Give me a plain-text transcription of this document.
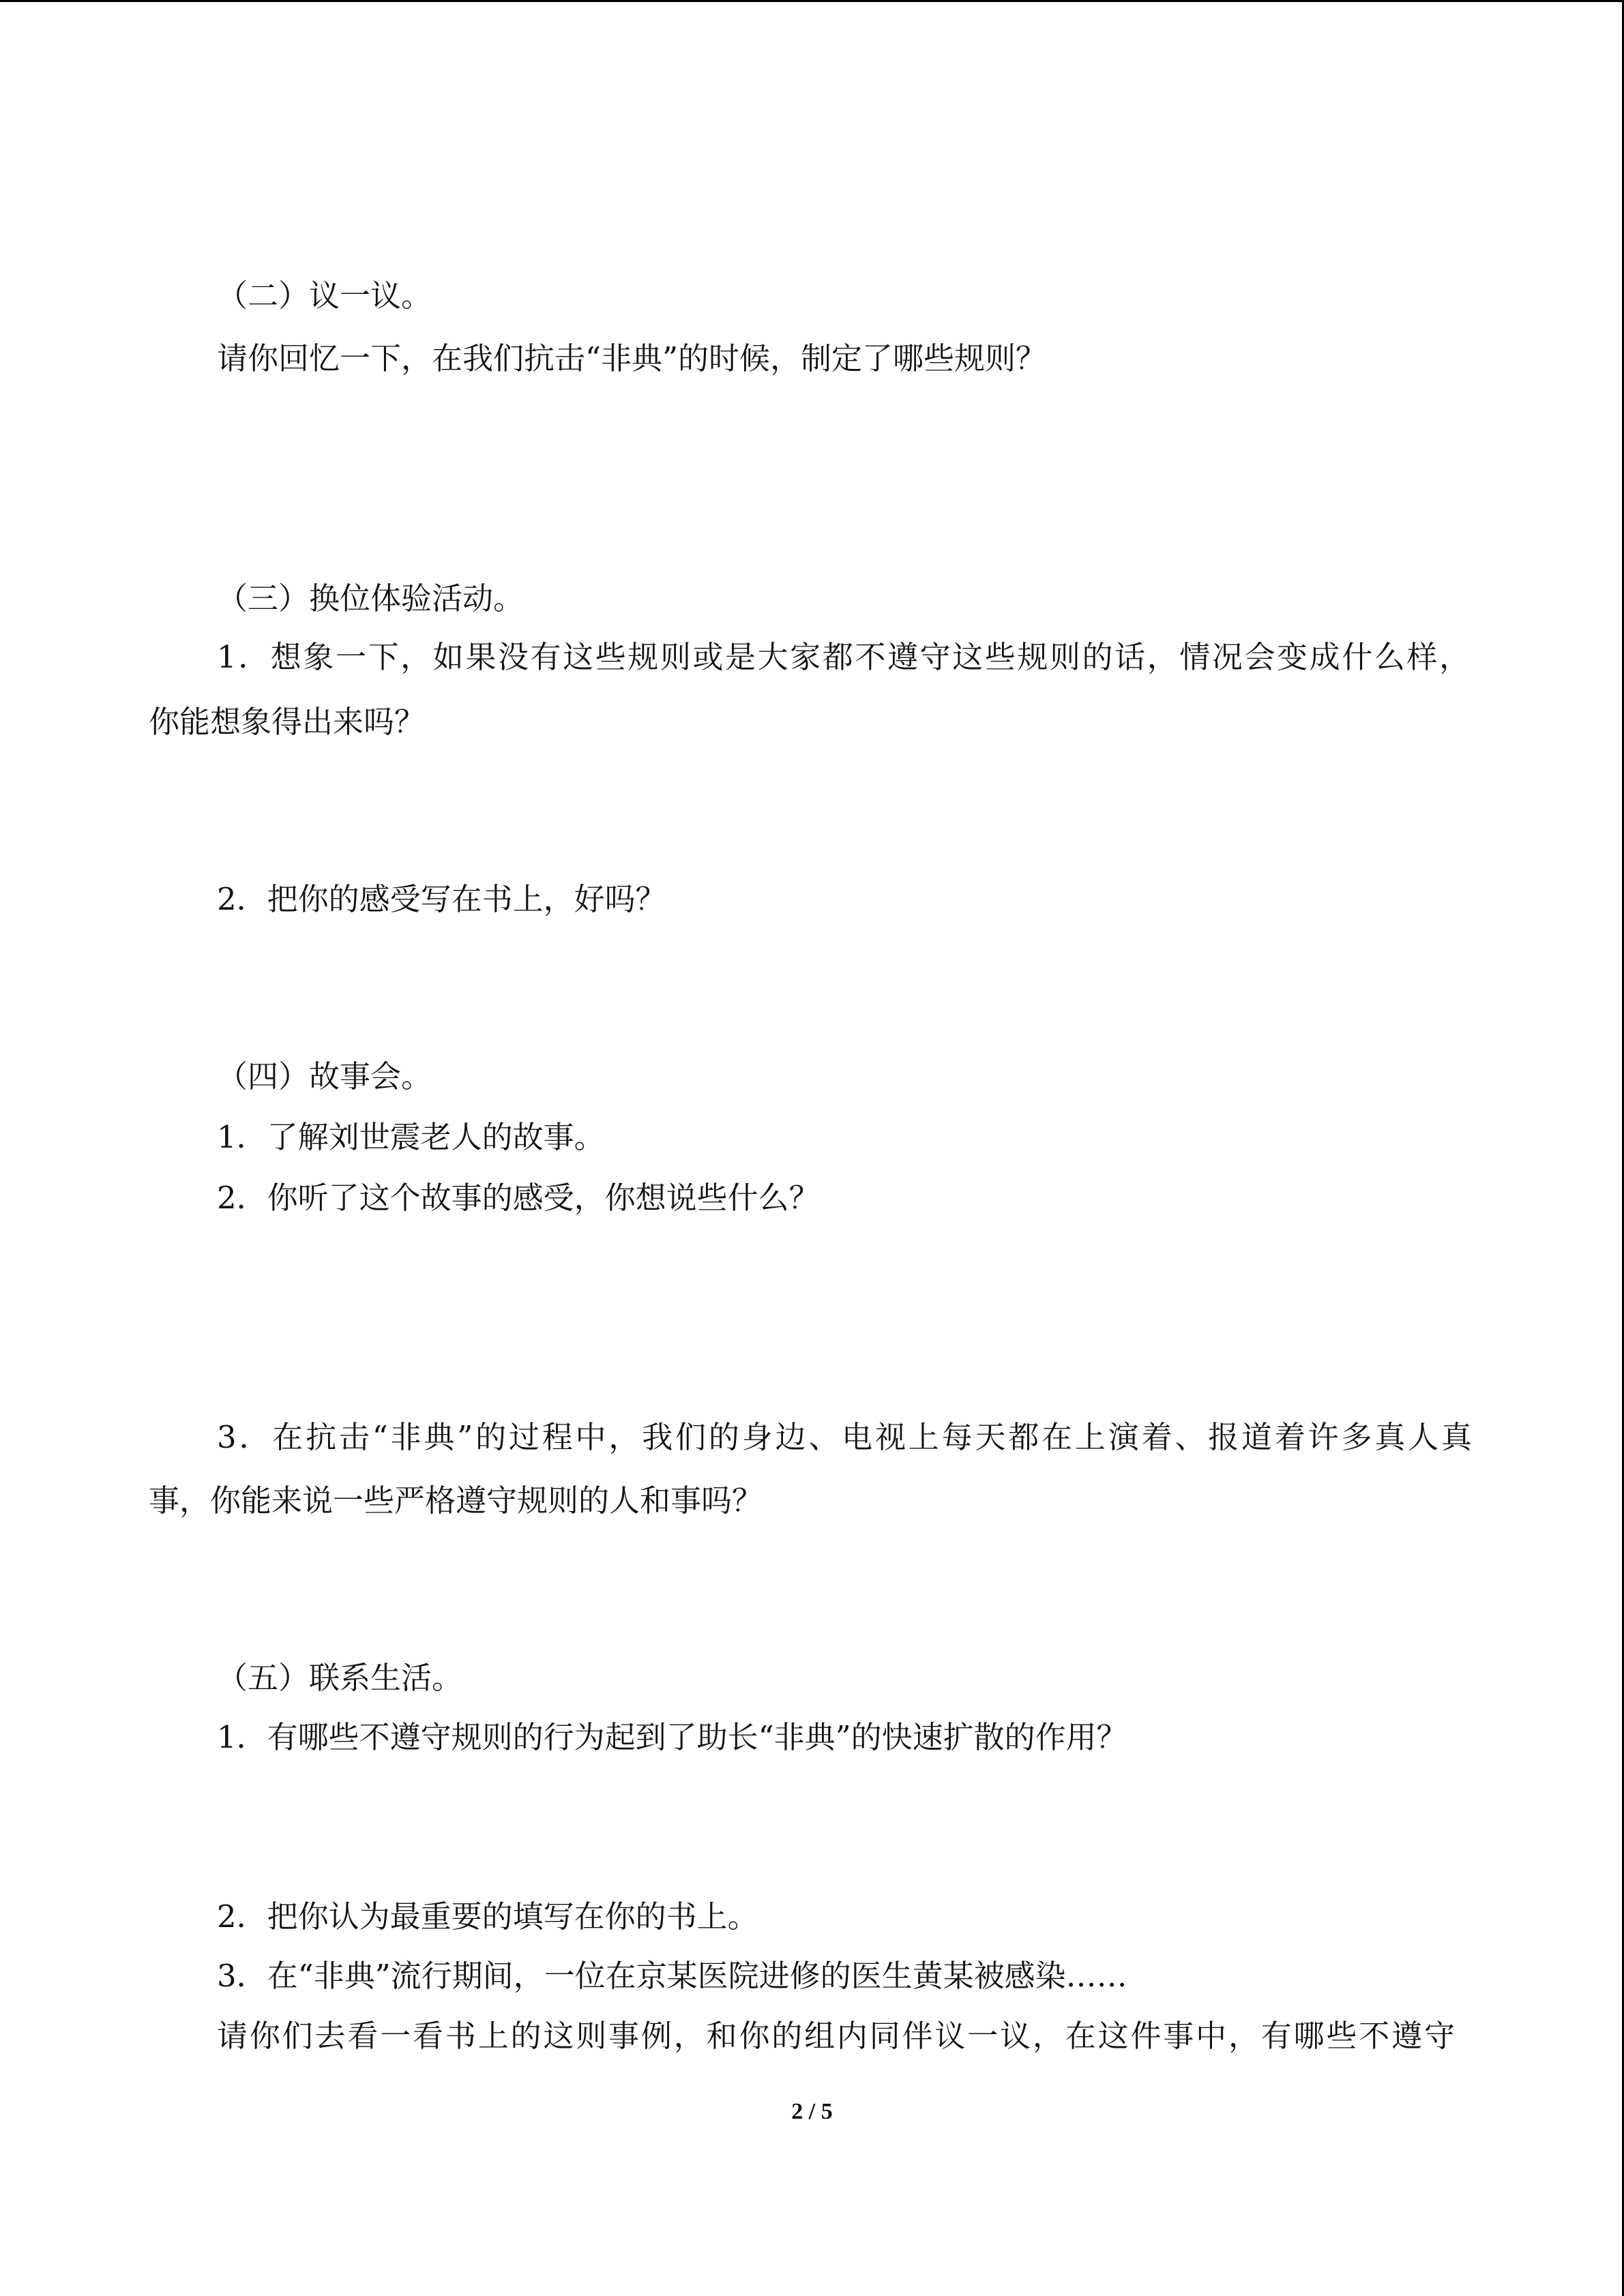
（二）议一议。

请你回忆一下，在我们抗击“非典”的时候，制定了哪些规则？

（三）换位体验活动。

1．想象一下，如果没有这些规则或是大家都不遵守这些规则的话，情况会变成什么样，

你能想象得出来吗？

2．把你的感受写在书上，好吗？

（四）故事会。

1．了解刘世震老人的故事。

2．你听了这个故事的感受，你想说些什么？

3．在抗击“非典”的过程中，我们的身边、电视上每天都在上演着、报道着许多真人真

事，你能来说一些严格遵守规则的人和事吗？

（五）联系生活。

1．有哪些不遵守规则的行为起到了助长“非典”的快速扩散的作用？

2．把你认为最重要的填写在你的书上。

3．在“非典”流行期间，一位在京某医院进修的医生黄某被感染……

请你们去看一看书上的这则事例，和你的组内同伴议一议，在这件事中，有哪些不遵守

2 / 5
